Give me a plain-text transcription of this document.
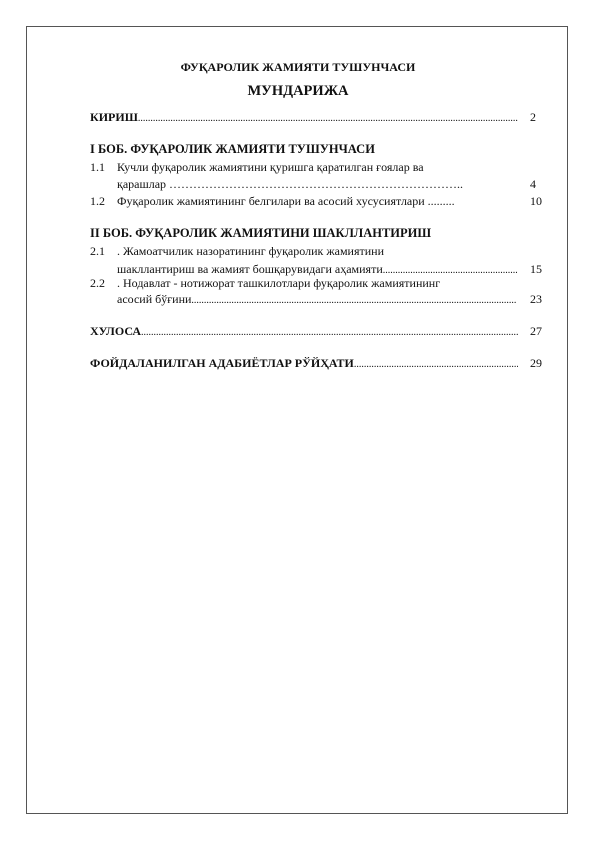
ФУҚАРОЛИК ЖАМИЯТИ ТУШУНЧАСИ
МУНДАРИЖА
КИРИШ .....	2
I БОБ. ФУҚАРОЛИК ЖАМИЯТИ ТУШУНЧАСИ
1.1 Кучли фуқаролик жамиятини қуришга қаратилган ғоялар ва
қарашлар ………………………………………………………………..	4
1.2 Фуқаролик жамиятининг белгилари ва асосий хусусиятлари .........	10
II БОБ. ФУҚАРОЛИК ЖАМИЯТИНИ ШАКЛЛАНТИРИШ
2.1 . Жамоатчилик назоратининг фуқаролик жамиятини
шакллантириш ва жамият бошқарувидаги аҳамияти .....	15
2.2 . Нодавлат - нотижорат ташкилотлари фуқаролик жамиятининг
асосий бўғини .....	23
ХУЛОСА .....	27
ФОЙДАЛАНИЛГАН АДАБИЁТЛАР РЎЙҲАТИ .....	29
